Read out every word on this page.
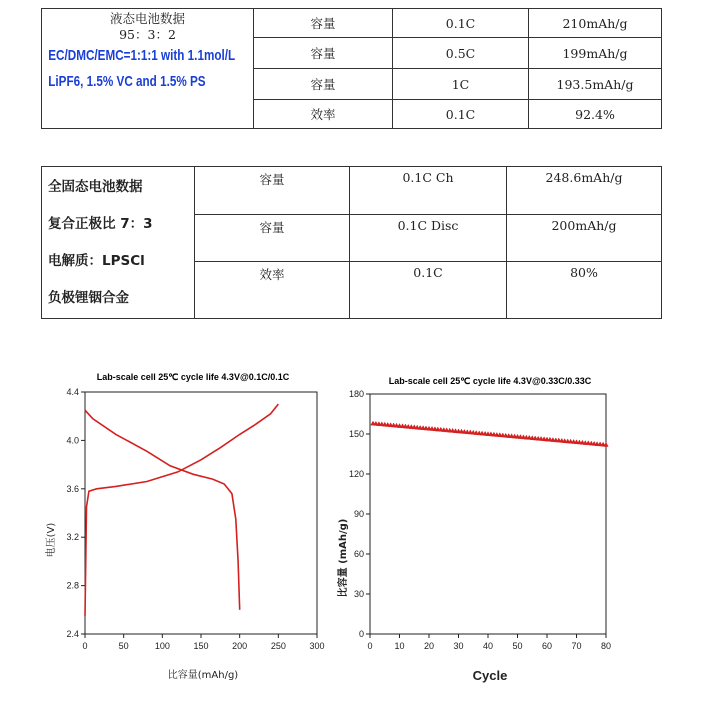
液态电池数据
95：3：2
EC/DMC/EMC=1:1:1 with 1.1mol/L
LiPF6, 1.5% VC and 1.5% PS	容量	0.1C	210mAh/g
	容量	0.5C	199mAh/g
	容量	1C	193.5mAh/g
	效率	0.1C	92.4%
全固态电池数据
复合正极比 7：3
电解质：LPSCl
负极锂铟合金	容量	0.1C Ch	248.6mAh/g
	容量	0.1C Disc	200mAh/g
	效率	0.1C	80%
Lab-scale cell 25℃ cycle life 4.3V@0.1C/0.1C
0	50	100	150	200	250	300
2.4
2.8
3.2
3.6
4.0
4.4
电压(V)
比容量(mAh/g)
Lab-scale cell 25℃ cycle life 4.3V@0.33C/0.33C
0 10 20 30 40 50 60 70 80
0
30
60
90
120
150
180
比容量 (mAh/g)
Cycle
